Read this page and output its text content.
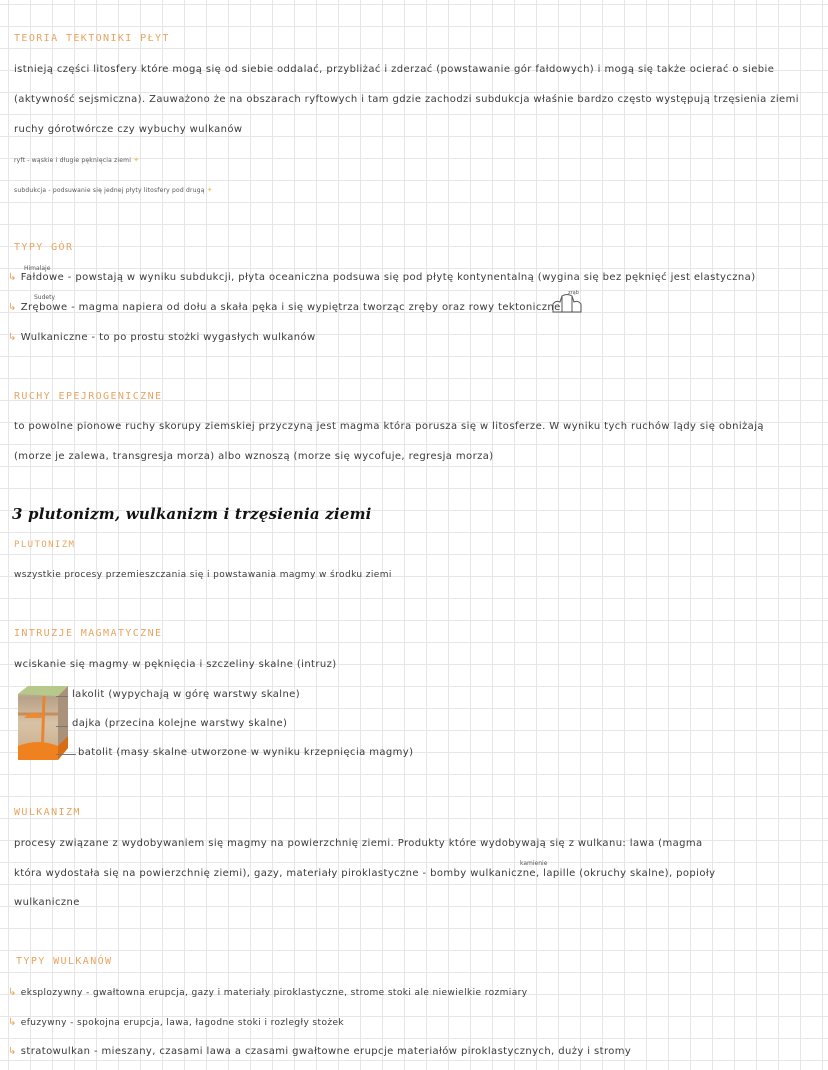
TEORIA TEKTONIKI PŁYT
istnieją części litosfery które mogą się od siebie oddalać, przybliżać i zderzać (powstawanie gór fałdowych) i mogą się także ocierać o siebie
(aktywność sejsmiczna). Zauważono że na obszarach ryftowych i tam gdzie zachodzi subdukcja właśnie bardzo często występują trzęsienia ziemi
ruchy górotwórcze czy wybuchy wulkanów
ryft - wąskie i długie pęknięcia ziemi ✦
subdukcja - podsuwanie się jednej płyty litosfery pod drugą ✦
TYPY GÓR
Himalaje
↳ Fałdowe - powstają w wyniku subdukcji, płyta oceaniczna podsuwa się pod płytę kontynentalną (wygina się bez pęknięć jest elastyczna)
Sudety
↳ Zrębowe - magma napiera od dołu a skała pęka i się wypiętrza tworząc zręby oraz rowy tektoniczne
zrąb
↳ Wulkaniczne - to po prostu stożki wygasłych wulkanów
RUCHY EPEJROGENICZNE
to powolne pionowe ruchy skorupy ziemskiej przyczyną jest magma która porusza się w litosferze. W wyniku tych ruchów lądy się obniżają
(morze je zalewa, transgresja morza) albo wznoszą (morze się wycofuje, regresja morza)
3 plutonizm, wulkanizm i trzęsienia ziemi
PLUTONIZM
wszystkie procesy przemieszczania się i powstawania magmy w środku ziemi
INTRUZJE MAGMATYCZNE
wciskanie się magmy w pęknięcia i szczeliny skalne (intruz)
lakolit (wypychają w górę warstwy skalne)
dajka (przecina kolejne warstwy skalne)
batolit (masy skalne utworzone w wyniku krzepnięcia magmy)
WULKANIZM
procesy związane z wydobywaniem się magmy na powierzchnię ziemi. Produkty które wydobywają się z wulkanu: lawa (magma
kamienie
która wydostała się na powierzchnię ziemi), gazy, materiały piroklastyczne - bomby wulkaniczne, lapille (okruchy skalne), popioły
wulkaniczne
TYPY WULKANÓW
↳ eksplozywny - gwałtowna erupcja, gazy i materiały piroklastyczne, strome stoki ale niewielkie rozmiary
↳ efuzywny - spokojna erupcja, lawa, łagodne stoki i rozległy stożek
↳ stratowulkan - mieszany, czasami lawa a czasami gwałtowne erupcje materiałów piroklastycznych, duży i stromy
